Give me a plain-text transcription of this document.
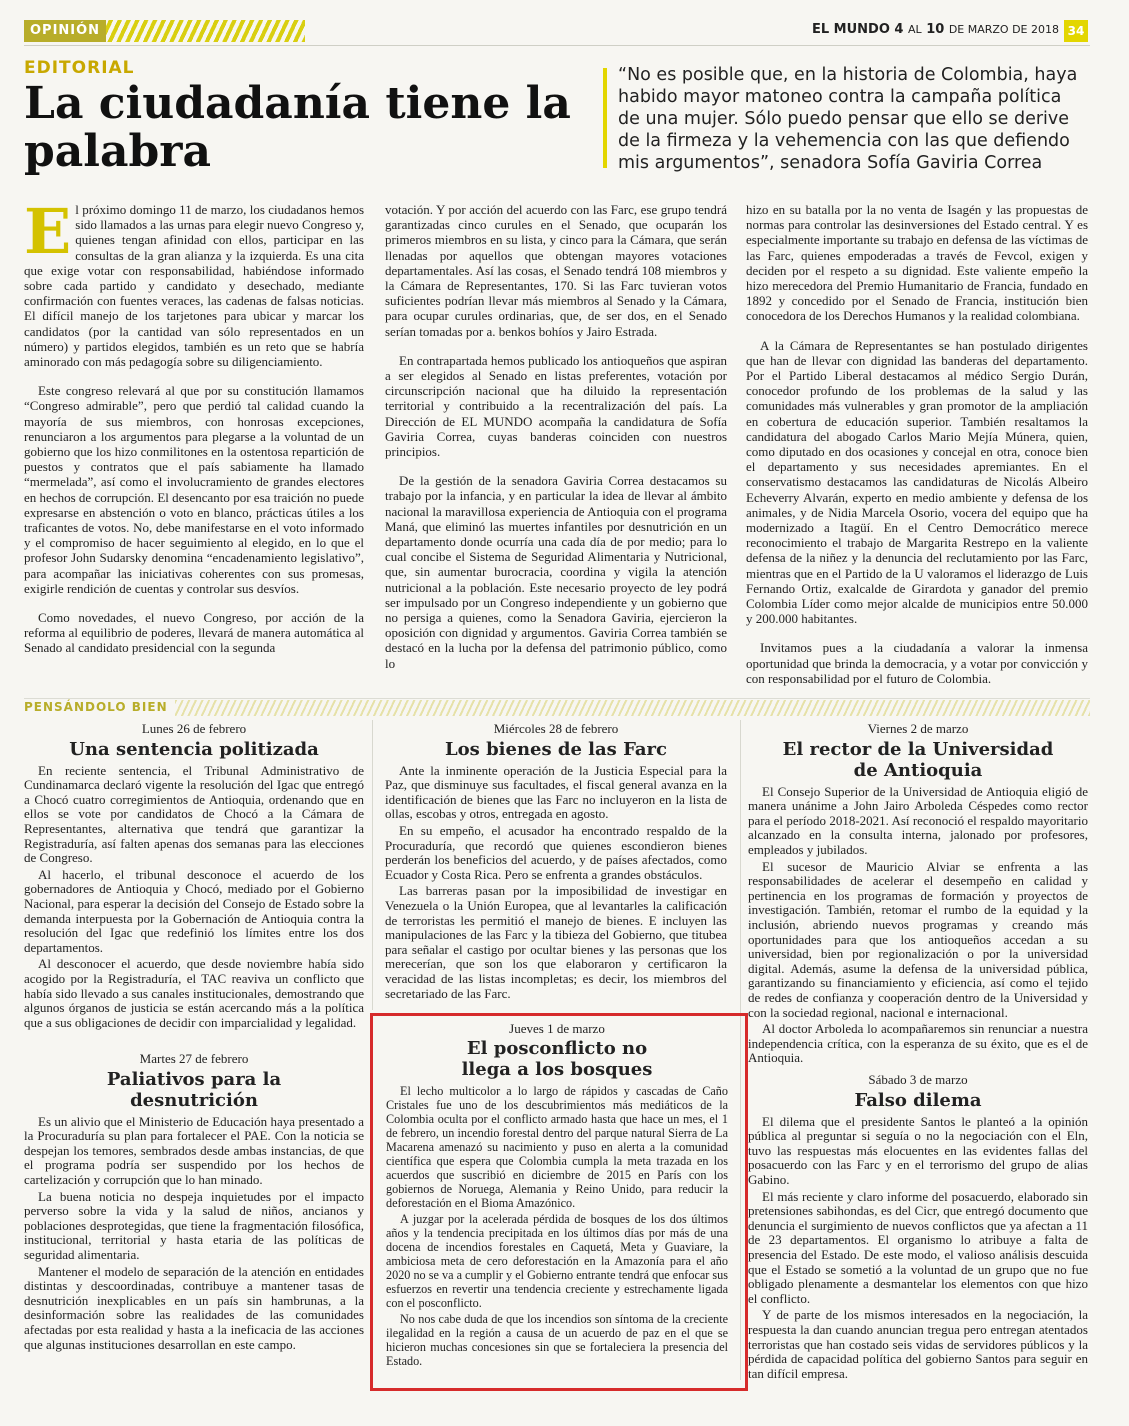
OPINIÓN	EL MUNDO 4 AL 10 DE MARZO DE 2018 34
EDITORIAL
La ciudadanía tiene la palabra
“No es posible que, en la historia de Colombia, haya habido mayor matoneo contra la campaña política de una mujer. Sólo puedo pensar que ello se derive de la firmeza y la vehemencia con las que defiendo mis argumentos”, senadora Sofía Gaviria Correa

El próximo domingo 11 de marzo, los ciudadanos hemos sido llamados a las urnas para elegir nuevo Congreso y, quienes tengan afinidad con ellos, participar en las consultas de la gran alianza y la izquierda. Es una cita que exige votar con responsabilidad, habiéndose informado sobre cada partido y candidato y desechado, mediante confirmación con fuentes veraces, las cadenas de falsas noticias. El difícil manejo de los tarjetones para ubicar y marcar los candidatos (por la cantidad van sólo representados en un número) y partidos elegidos, también es un reto que se habría aminorado con más pedagogía sobre su diligenciamiento.

Este congreso relevará al que por su constitución llamamos “Congreso admirable”, pero que perdió tal calidad cuando la mayoría de sus miembros, con honrosas excepciones, renunciaron a los argumentos para plegarse a la voluntad de un gobierno que los hizo conmilitones en la ostentosa repartición de puestos y contratos que el país sabiamente ha llamado “mermelada”, así como el involucramiento de grandes electores en hechos de corrupción. El desencanto por esa traición no puede expresarse en abstención o voto en blanco, prácticas útiles a los traficantes de votos. No, debe manifestarse en el voto informado y el compromiso de hacer seguimiento al elegido, en lo que el profesor John Sudarsky denomina “encadenamiento legislativo”, para acompañar las iniciativas coherentes con sus promesas, exigirle rendición de cuentas y controlar sus desvíos.

Como novedades, el nuevo Congreso, por acción de la reforma al equilibrio de poderes, llevará de manera automática al Senado al candidato presidencial con la segunda

votación. Y por acción del acuerdo con las Farc, ese grupo tendrá garantizadas cinco curules en el Senado, que ocuparán los primeros miembros en su lista, y cinco para la Cámara, que serán llenadas por aquellos que obtengan mayores votaciones departamentales. Así las cosas, el Senado tendrá 108 miembros y la Cámara de Representantes, 170. Si las Farc tuvieran votos suficientes podrían llevar más miembros al Senado y la Cámara, para ocupar curules ordinarias, que, de ser dos, en el Senado serían tomadas por a. benkos bohíos y Jairo Estrada.

En contrapartada hemos publicado los antioqueños que aspiran a ser elegidos al Senado en listas preferentes, votación por circunscripción nacional que ha diluido la representación territorial y contribuido a la recentralización del país. La Dirección de EL MUNDO acompaña la candidatura de Sofía Gaviria Correa, cuyas banderas coinciden con nuestros principios.

De la gestión de la senadora Gaviria Correa destacamos su trabajo por la infancia, y en particular la idea de llevar al ámbito nacional la maravillosa experiencia de Antioquia con el programa Maná, que eliminó las muertes infantiles por desnutrición en un departamento donde ocurría una cada día de por medio; para lo cual concibe el Sistema de Seguridad Alimentaria y Nutricional, que, sin aumentar burocracia, coordina y vigila la atención nutricional a la población. Este necesario proyecto de ley podrá ser impulsado por un Congreso independiente y un gobierno que no persiga a quienes, como la Senadora Gaviria, ejercieron la oposición con dignidad y argumentos. Gaviria Correa también se destacó en la lucha por la defensa del patrimonio público, como lo

hizo en su batalla por la no venta de Isagén y las propuestas de normas para controlar las desinversiones del Estado central. Y es especialmente importante su trabajo en defensa de las víctimas de las Farc, quienes empoderadas a través de Fevcol, exigen y deciden por el respeto a su dignidad. Este valiente empeño la hizo merecedora del Premio Humanitario de Francia, fundado en 1892 y concedido por el Senado de Francia, institución bien conocedora de los Derechos Humanos y la realidad colombiana.

A la Cámara de Representantes se han postulado dirigentes que han de llevar con dignidad las banderas del departamento. Por el Partido Liberal destacamos al médico Sergio Durán, conocedor profundo de los problemas de la salud y las comunidades más vulnerables y gran promotor de la ampliación en cobertura de educación superior. También resaltamos la candidatura del abogado Carlos Mario Mejía Múnera, quien, como diputado en dos ocasiones y concejal en otra, conoce bien el departamento y sus necesidades apremiantes. En el conservatismo destacamos las candidaturas de Nicolás Albeiro Echeverry Alvarán, experto en medio ambiente y defensa de los animales, y de Nidia Marcela Osorio, vocera del equipo que ha modernizado a Itagüí. En el Centro Democrático merece reconocimiento el trabajo de Margarita Restrepo en la valiente defensa de la niñez y la denuncia del reclutamiento por las Farc, mientras que en el Partido de la U valoramos el liderazgo de Luis Fernando Ortiz, exalcalde de Girardota y ganador del premio Colombia Líder como mejor alcalde de municipios entre 50.000 y 200.000 habitantes.

Invitamos pues a la ciudadanía a valorar la inmensa oportunidad que brinda la democracia, y a votar por convicción y con responsabilidad por el futuro de Colombia.

PENSÁNDOLO BIEN
Lunes 26 de febrero
Una sentencia politizada

En reciente sentencia, el Tribunal Administrativo de Cundinamarca declaró vigente la resolución del Igac que entregó a Chocó cuatro corregimientos de Antioquia, ordenando que en ellos se vote por candidatos de Chocó a la Cámara de Representantes, alternativa que tendrá que garantizar la Registraduría, así falten apenas dos semanas para las elecciones de Congreso.

Al hacerlo, el tribunal desconoce el acuerdo de los gobernadores de Antioquia y Chocó, mediado por el Gobierno Nacional, para esperar la decisión del Consejo de Estado sobre la demanda interpuesta por la Gobernación de Antioquia contra la resolución del Igac que redefinió los límites entre los dos departamentos.

Al desconocer el acuerdo, que desde noviembre había sido acogido por la Registraduría, el TAC reaviva un conflicto que había sido llevado a sus canales institucionales, demostrando que algunos órganos de justicia se están acercando más a la política que a sus obligaciones de decidir con imparcialidad y legalidad.

Martes 27 de febrero
Paliativos para la desnutrición

Es un alivio que el Ministerio de Educación haya presentado a la Procuraduría su plan para fortalecer el PAE. Con la noticia se despejan los temores, sembrados desde ambas instancias, de que el programa podría ser suspendido por los hechos de cartelización y corrupción que lo han minado.

La buena noticia no despeja inquietudes por el impacto perverso sobre la vida y la salud de niños, ancianos y poblaciones desprotegidas, que tiene la fragmentación filosófica, institucional, territorial y hasta etaria de las políticas de seguridad alimentaria.

Mantener el modelo de separación de la atención en entidades distintas y descoordinadas, contribuye a mantener tasas de desnutrición inexplicables en un país sin hambrunas, a la desinformación sobre las realidades de las comunidades afectadas por esta realidad y hasta a la ineficacia de las acciones que algunas instituciones desarrollan en este campo.

Miércoles 28 de febrero
Los bienes de las Farc

Ante la inminente operación de la Justicia Especial para la Paz, que disminuye sus facultades, el fiscal general avanza en la identificación de bienes que las Farc no incluyeron en la lista de ollas, escobas y otros, entregada en agosto.

En su empeño, el acusador ha encontrado respaldo de la Procuraduría, que recordó que quienes escondieron bienes perderán los beneficios del acuerdo, y de países afectados, como Ecuador y Costa Rica. Pero se enfrenta a grandes obstáculos.

Las barreras pasan por la imposibilidad de investigar en Venezuela o la Unión Europea, que al levantarles la calificación de terroristas les permitió el manejo de bienes. E incluyen las manipulaciones de las Farc y la tibieza del Gobierno, que titubea para señalar el castigo por ocultar bienes y las personas que los merecerían, que son los que elaboraron y certificaron la veracidad de las listas incompletas; es decir, los miembros del secretariado de las Farc.

Jueves 1 de marzo
El posconflicto no llega a los bosques

El lecho multicolor a lo largo de rápidos y cascadas de Caño Cristales fue uno de los descubrimientos más mediáticos de la Colombia oculta por el conflicto armado hasta que hace un mes, el 1 de febrero, un incendio forestal dentro del parque natural Sierra de La Macarena amenazó su nacimiento y puso en alerta a la comunidad científica que espera que Colombia cumpla la meta trazada en los acuerdos que suscribió en diciembre de 2015 en París con los gobiernos de Noruega, Alemania y Reino Unido, para reducir la deforestación en el Bioma Amazónico.

A juzgar por la acelerada pérdida de bosques de los dos últimos años y la tendencia precipitada en los últimos días por más de una docena de incendios forestales en Caquetá, Meta y Guaviare, la ambiciosa meta de cero deforestación en la Amazonía para el año 2020 no se va a cumplir y el Gobierno entrante tendrá que enfocar sus esfuerzos en revertir una tendencia creciente y estrechamente ligada con el posconflicto.

No nos cabe duda de que los incendios son síntoma de la creciente ilegalidad en la región a causa de un acuerdo de paz en el que se hicieron muchas concesiones sin que se fortaleciera la presencia del Estado.

Viernes 2 de marzo
El rector de la Universidad de Antioquia

El Consejo Superior de la Universidad de Antioquia eligió de manera unánime a John Jairo Arboleda Céspedes como rector para el período 2018-2021. Así reconoció el respaldo mayoritario alcanzado en la consulta interna, jalonado por profesores, empleados y jubilados.

El sucesor de Mauricio Alviar se enfrenta a las responsabilidades de acelerar el desempeño en calidad y pertinencia en los programas de formación y proyectos de investigación. También, retomar el rumbo de la equidad y la inclusión, abriendo nuevos programas y creando más oportunidades para que los antioqueños accedan a su universidad, bien por regionalización o por la universidad digital. Además, asume la defensa de la universidad pública, garantizando su financiamiento y eficiencia, así como el tejido de redes de confianza y cooperación dentro de la Universidad y con la sociedad regional, nacional e internacional.

Al doctor Arboleda lo acompañaremos sin renunciar a nuestra independencia crítica, con la esperanza de su éxito, que es el de Antioquia.

Sábado 3 de marzo
Falso dilema

El dilema que el presidente Santos le planteó a la opinión pública al preguntar si seguía o no la negociación con el Eln, tuvo las respuestas más elocuentes en las evidentes fallas del posacuerdo con las Farc y en el terrorismo del grupo de alias Gabino.

El más reciente y claro informe del posacuerdo, elaborado sin pretensiones sabihondas, es del Cicr, que entregó documento que denuncia el surgimiento de nuevos conflictos que ya afectan a 11 de 23 departamentos. El organismo lo atribuye a falta de presencia del Estado. De este modo, el valioso análisis descuida que el Estado se sometió a la voluntad de un grupo que no fue obligado plenamente a desmantelar los elementos con que hizo el conflicto.

Y de parte de los mismos interesados en la negociación, la respuesta la dan cuando anuncian tregua pero entregan atentados terroristas que han costado seis vidas de servidores públicos y la pérdida de capacidad política del gobierno Santos para seguir en tan difícil empresa.
